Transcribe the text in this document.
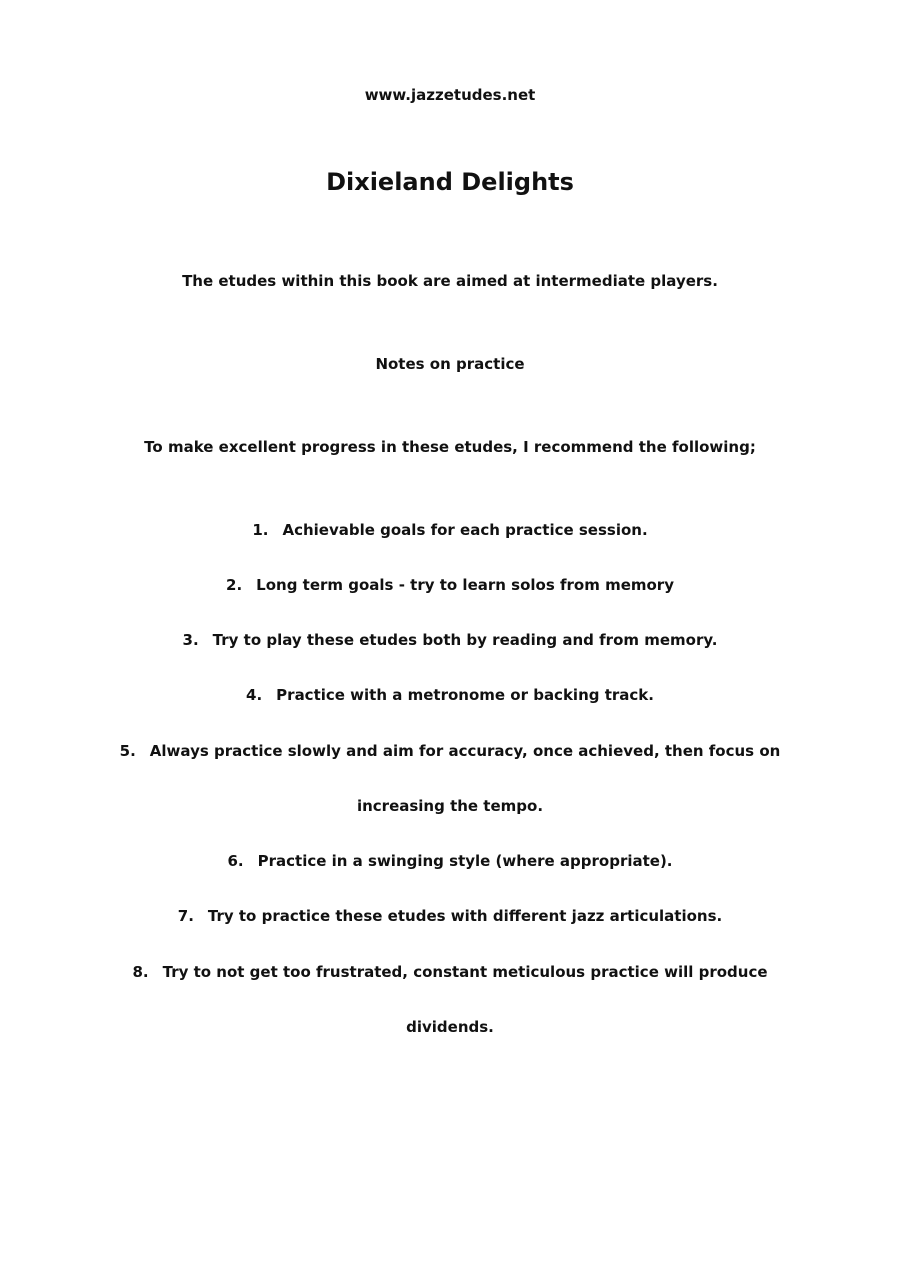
www.jazzetudes.net
Dixieland Delights
The etudes within this book are aimed at intermediate players.
Notes on practice
To make excellent progress in these etudes, I recommend the following;
1. Achievable goals for each practice session.
2. Long term goals - try to learn solos from memory
3. Try to play these etudes both by reading and from memory.
4. Practice with a metronome or backing track.
5. Always practice slowly and aim for accuracy, once achieved, then focus on
increasing the tempo.
6. Practice in a swinging style (where appropriate).
7. Try to practice these etudes with different jazz articulations.
8. Try to not get too frustrated, constant meticulous practice will produce
dividends.
